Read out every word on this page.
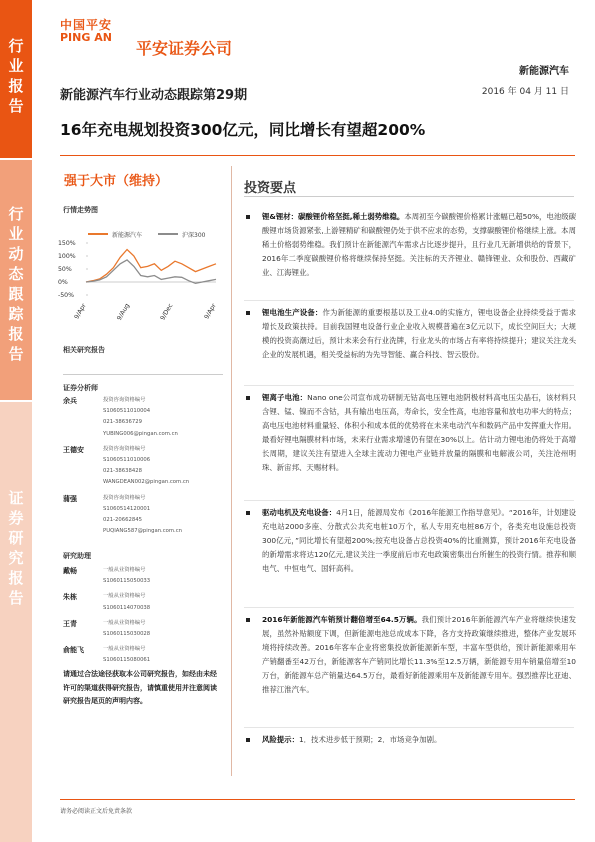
行
业
报
告
行
业
动
态
跟
踪
报
告
证
券
研
究
报
告
中国平安
PING AN
平安证券公司
新能源汽车
2016 年 04 月 11 日
新能源汽车行业动态跟踪第29期
16年充电规划投资300亿元，同比增长有望超200%
强于大市（维持）
行情走势图
新能源汽车	沪深300
150%
100%
50%
0%
-50%
9/Apr	9/Aug	9/Dec	9/Apr
相关研究报告
证券分析师
余兵	投资咨询资格编号
S1060511010004
021-38636729
YUBING006@pingan.com.cn
王德安	投资咨询资格编号
S1060511010006
021-38638428
WANGDEAN002@pingan.com.cn
蒲强	投资咨询资格编号
S1060514120001
021-20662845
PUQIANG587@pingan.com.cn
研究助理
戴畅	一般从业资格编号
S1060115050033
朱栋	一般从业资格编号
S1060114070038
王青	一般从业资格编号
S1060115030028
俞能飞	一般从业资格编号
S1060115080061
请通过合法途径获取本公司研究报告，如经由未经许可的渠道获得研究报告，请慎重使用并注意阅读研究报告尾页的声明内容。
投资要点
锂&锂材：碳酸锂价格坚挺,稀土弱势维稳。本周初至今碳酸锂价格累计涨幅已超50%，电池级碳酸锂市场货源紧张,上游锂精矿和碳酸锂仍处于供不应求的态势，支撑碳酸锂价格继续上涨。本周稀土价格弱势维稳。我们预计在新能源汽车需求占比逐步提升，且行业几无新增供给的背景下，2016年二季度碳酸锂价格将继续保持坚挺。关注标的天齐锂业、赣锋锂业、众和股份、西藏矿业、江海锂业。
锂电池生产设备：作为新能源的重要根基以及工业4.0的实施方，锂电设备企业持续受益于需求增长及政策扶持。目前我国锂电设备行业企业收入规模普遍在3亿元以下，成长空间巨大；大规模的投资高潮过后，预计未来会有行业洗牌，行业龙头的市场占有率将持续提升；建议关注龙头企业的发展机遇，相关受益标的为先导智能、赢合科技、智云股份。
锂离子电池：Nano one公司宣布成功研制无钴高电压锂电池阴极材料高电压尖晶石，该材料只含锂、锰、镍而不含钴，具有输出电压高，寿命长，安全性高，电池容量和放电功率大的特点；高电压电池材料重量轻、体积小和成本低的优势将在未来电动汽车和数码产品中发挥重大作用。最看好锂电隔膜材料市场，未来行业需求增速仍有望在30%以上。估计动力锂电池仍将处于高增长周期，建议关注有望进入全球主流动力锂电产业链并放量的隔膜和电解液公司，关注沧州明珠、新宙邦、天赐材料。
驱动电机及充电设备：4月1日，能源局发布《2016年能源工作指导意见》。“2016年，计划建设充电站2000多座、分散式公共充电桩10万个，私人专用充电桩86万个，各类充电设施总投资300亿元，”同比增长有望超200%;按充电设备占总投资40%的比重测算，预计2016年充电设备的新增需求将达120亿元,建议关注一季度前后市充电政策密集出台所催生的投资行情。推荐和顺电气、中恒电气、国轩高科。
2016年新能源汽车销预计翻倍增至64.5万辆。我们预计2016年新能源汽车产业将继续快速发展，虽然补贴额度下调，但新能源电池总成成本下降，各方支持政策继续推进，整体产业发展环境将持续改善。2016年客车企业将密集投放新能源新车型，丰富车型供给，预计新能源乘用车产销翻番至42万台，新能源客车产销同比增长11.3%至12.5万辆，新能源专用车销量倍增至10万台，新能源车总产销量达64.5万台，最看好新能源乘用车及新能源专用车。强烈推荐比亚迪、推荐江淮汽车。
风险提示：1．技术进步低于预期；2．市场竞争加剧。
请务必阅读正文后免责条款
